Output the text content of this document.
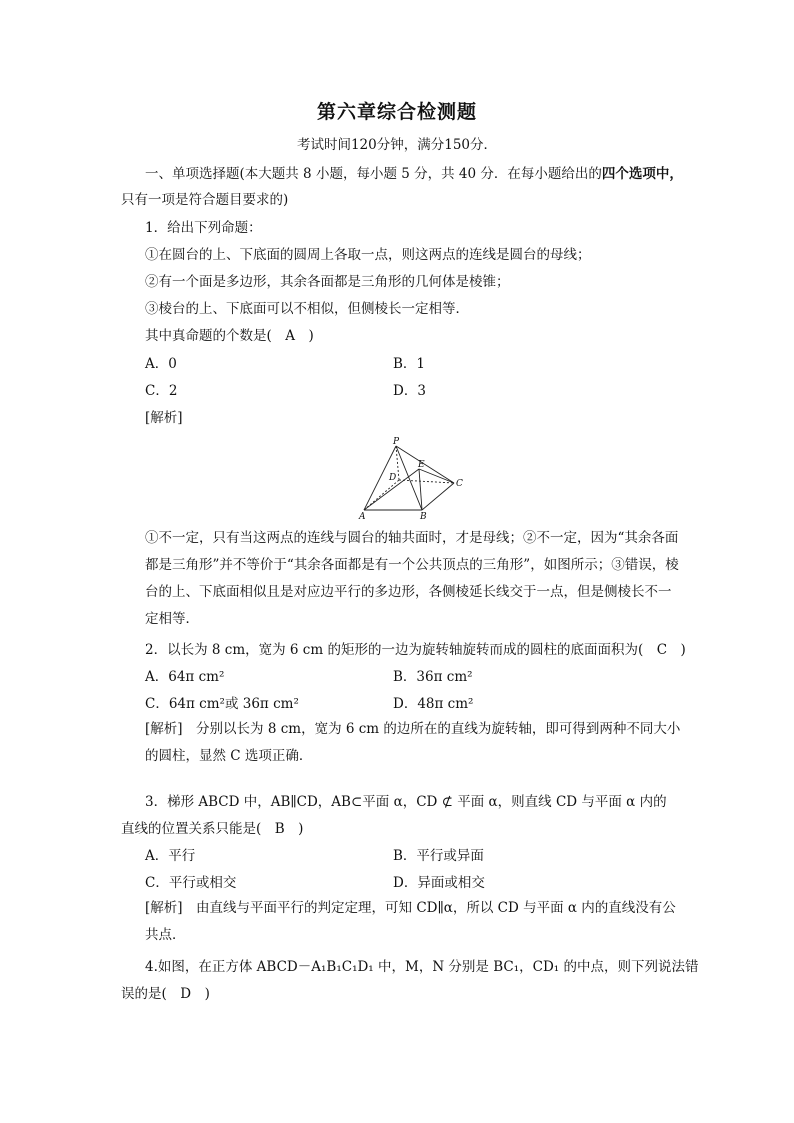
第六章综合检测题
考试时间120分钟，满分150分．
一、单项选择题(本大题共 8 小题，每小题 5 分，共 40 分．在每小题给出的四个选项中，
只有一项是符合题目要求的)
1．给出下列命题：
①在圆台的上、下底面的圆周上各取一点，则这两点的连线是圆台的母线；
②有一个面是多边形，其余各面都是三角形的几何体是棱锥；
③棱台的上、下底面可以不相似，但侧棱长一定相等．
其中真命题的个数是(　A　)
A．0	B．1
C．2	D．3
[解析]
P
E
D
C
A	B
①不一定，只有当这两点的连线与圆台的轴共面时，才是母线；②不一定，因为“其余各面都是三角形”并不等价于“其余各面都是有一个公共顶点的三角形”，如图所示；③错误，棱台的上、下底面相似且是对应边平行的多边形，各侧棱延长线交于一点，但是侧棱长不一定相等．
2．以长为 8 cm，宽为 6 cm 的矩形的一边为旋转轴旋转而成的圆柱的底面面积为(　C　)
A．64π cm²	B．36π cm²
C．64π cm²或 36π cm²	D．48π cm²
[解析]　分别以长为 8 cm，宽为 6 cm 的边所在的直线为旋转轴，即可得到两种不同大小的圆柱，显然 C 选项正确．
3．梯形 ABCD 中，AB∥CD，AB⊂平面 α，CD ⊄ 平面 α，则直线 CD 与平面 α 内的
直线的位置关系只能是(　B　)
A．平行	B．平行或异面
C．平行或相交	D．异面或相交
[解析]　由直线与平面平行的判定定理，可知 CD∥α，所以 CD 与平面 α 内的直线没有公共点．
4.如图，在正方体 ABCD－A₁B₁C₁D₁ 中，M，N 分别是 BC₁，CD₁ 的中点，则下列说法错
误的是(　D　)
